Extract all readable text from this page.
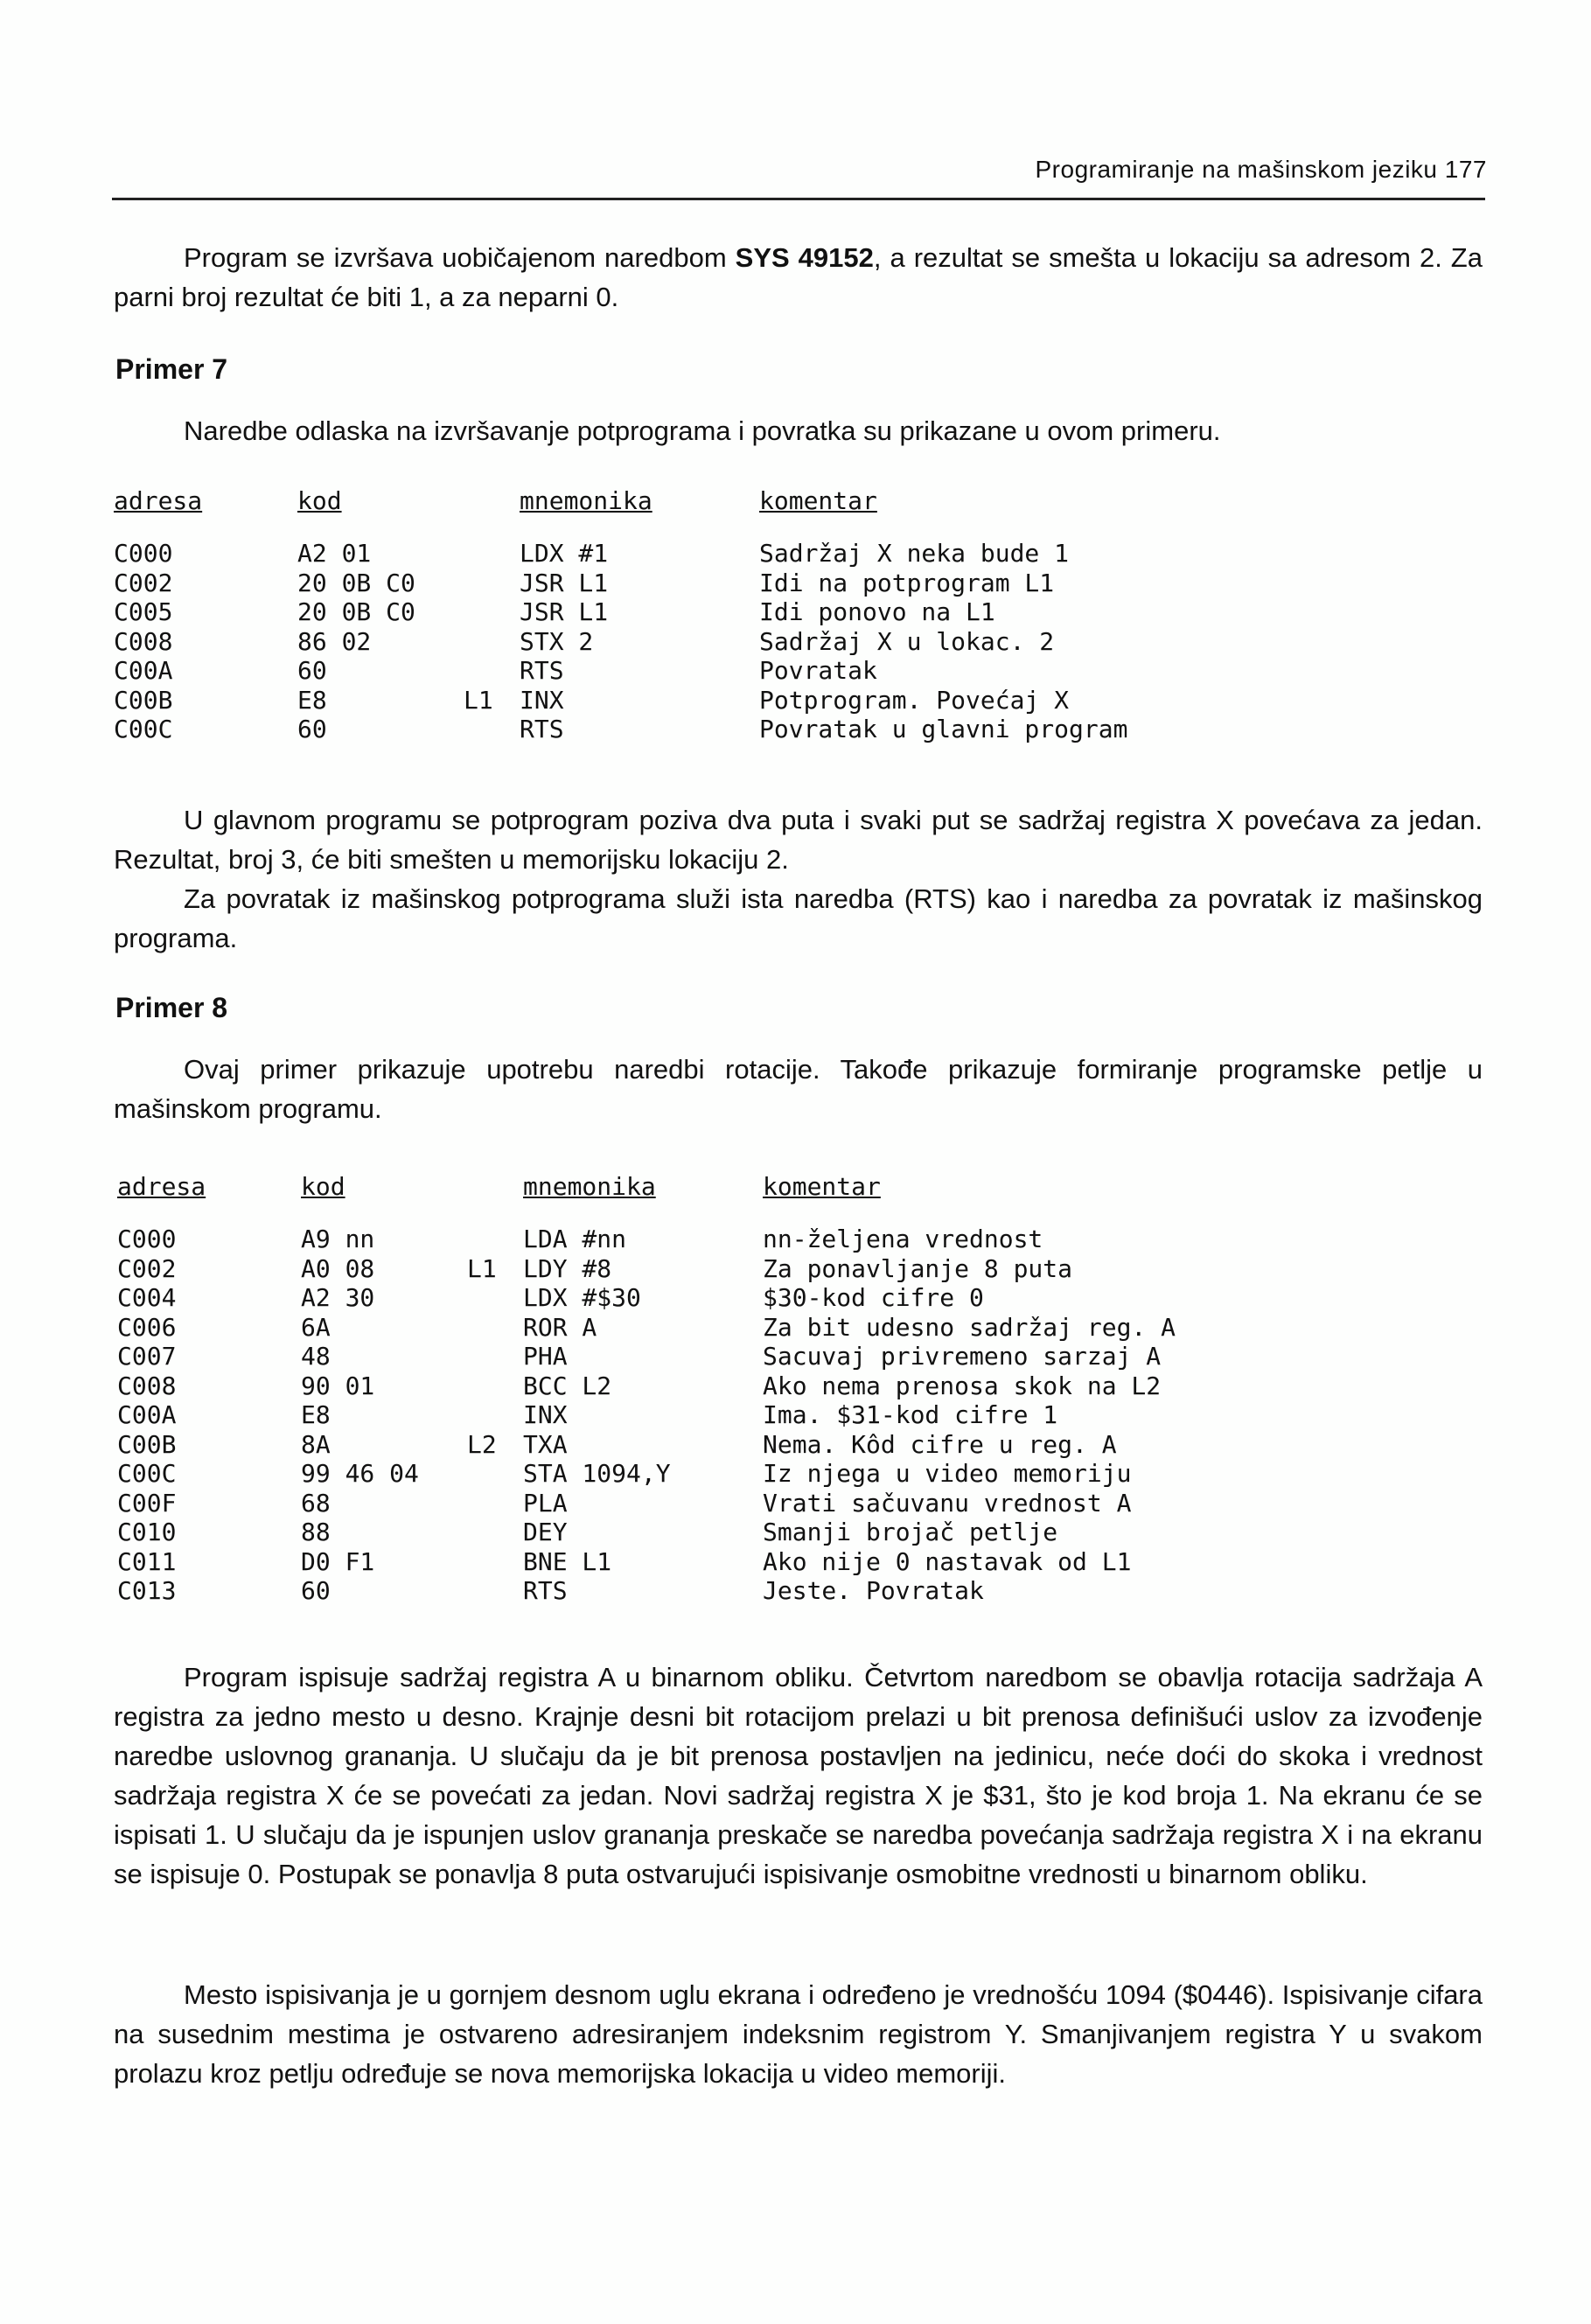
Programiranje na mašinskom jeziku 177
Program se izvršava uobičajenom naredbom SYS 49152, a rezultat se smešta u lokaciju sa adresom 2. Za parni broj rezultat će biti 1, a za neparni 0.
Primer 7
Naredbe odlaska na izvršavanje potprograma i povratka su prikazane u ovom primeru.
adresa	kod	mnemonika	komentar
C000	A2 01	LDX #1	Sadržaj X neka bude 1
C002	20 0B C0	JSR L1	Idi na potprogram L1
C005	20 0B C0	JSR L1	Idi ponovo na L1
C008	86 02	STX 2	Sadržaj X u lokac. 2
C00A	60	RTS	Povratak
C00B	E8	L1 INX	Potprogram. Povećaj X
C00C	60	RTS	Povratak u glavni program
U glavnom programu se potprogram poziva dva puta i svaki put se sadržaj registra X povećava za jedan. Rezultat, broj 3, će biti smešten u memorijsku lokaciju 2.
Za povratak iz mašinskog potprograma služi ista naredba (RTS) kao i naredba za povratak iz mašinskog programa.
Primer 8
Ovaj primer prikazuje upotrebu naredbi rotacije. Takođe prikazuje formiranje programske petlje u mašinskom programu.
adresa	kod	mnemonika	komentar
C000	A9 nn	LDA #nn	nn-željena vrednost
C002	A0 08	L1 LDY #8	Za ponavljanje 8 puta
C004	A2 30	LDX #$30	$30-kod cifre 0
C006	6A	ROR A	Za bit udesno sadržaj reg. A
C007	48	PHA	Sacuvaj privremeno sarzaj A
C008	90 01	BCC L2	Ako nema prenosa skok na L2
C00A	E8	INX	Ima. $31-kod cifre 1
C00B	8A	L2 TXA	Nema. Kôd cifre u reg. A
C00C	99 46 04	STA 1094,Y	Iz njega u video memoriju
C00F	68	PLA	Vrati sačuvanu vrednost A
C010	88	DEY	Smanji brojač petlje
C011	D0 F1	BNE L1	Ako nije 0 nastavak od L1
C013	60	RTS	Jeste. Povratak
Program ispisuje sadržaj registra A u binarnom obliku. Četvrtom naredbom se obavlja rotacija sadržaja A registra za jedno mesto u desno. Krajnje desni bit rotacijom prelazi u bit prenosa definišući uslov za izvođenje naredbe uslovnog grananja. U slučaju da je bit prenosa postavljen na jedinicu, neće doći do skoka i vrednost sadržaja registra X će se povećati za jedan. Novi sadržaj registra X je $31, što je kod broja 1. Na ekranu će se ispisati 1. U slučaju da je ispunjen uslov grananja preskače se naredba povećanja sadržaja registra X i na ekranu se ispisuje 0. Postupak se ponavlja 8 puta ostvarujući ispisivanje osmobitne vrednosti u binarnom obliku.
Mesto ispisivanja je u gornjem desnom uglu ekrana i određeno je vrednošću 1094 ($0446). Ispisivanje cifara na susednim mestima je ostvareno adresiranjem indeksnim registrom Y. Smanjivanjem registra Y u svakom prolazu kroz petlju određuje se nova memorijska lokacija u video memoriji.
